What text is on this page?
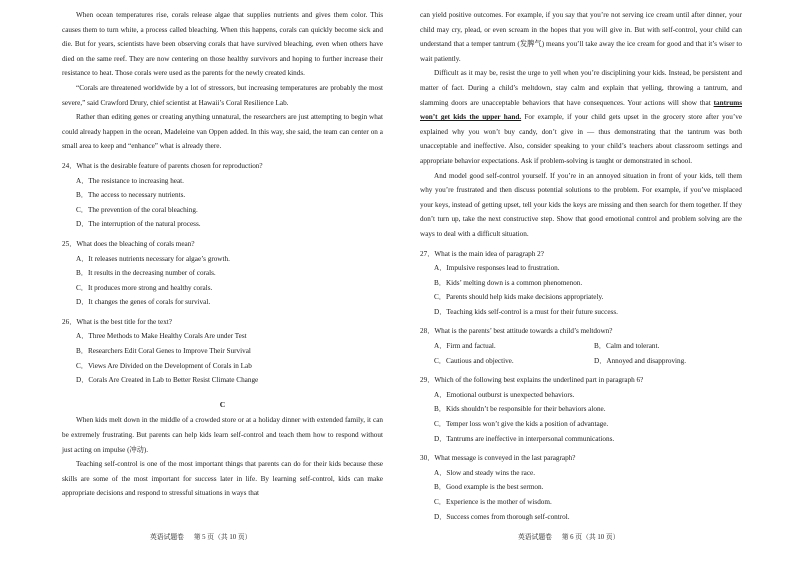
When ocean temperatures rise, corals release algae that supplies nutrients and gives them color. This causes them to turn white, a process called bleaching. When this happens, corals can quickly become sick and die. But for years, scientists have been observing corals that have survived bleaching, even when others have died on the same reef. They are now centering on those healthy survivors and hoping to further increase their resistance to heat. Those corals were used as the parents for the newly created kinds.

“Corals are threatened worldwide by a lot of stressors, but increasing temperatures are probably the most severe,” said Crawford Drury, chief scientist at Hawaii’s Coral Resilience Lab.

Rather than editing genes or creating anything unnatural, the researchers are just attempting to begin what could already happen in the ocean, Madeleine van Oppen added. In this way, she said, the team can center on a small area to keep and “enhance” what is already there.

24．What is the desirable feature of parents chosen for reproduction?
A．The resistance to increasing heat.
B．The access to necessary nutrients.
C．The prevention of the coral bleaching.
D．The interruption of the natural process.
25．What does the bleaching of corals mean?
A．It releases nutrients necessary for algae’s growth.
B．It results in the decreasing number of corals.
C．It produces more strong and healthy corals.
D．It changes the genes of corals for survival.
26．What is the best title for the text?
A．Three Methods to Make Healthy Corals Are under Test
B．Researchers Edit Coral Genes to Improve Their Survival
C．Views Are Divided on the Development of Corals in Lab
D．Corals Are Created in Lab to Better Resist Climate Change
C

When kids melt down in the middle of a crowded store or at a holiday dinner with extended family, it can be extremely frustrating. But parents can help kids learn self-control and teach them how to respond without just acting on impulse (冲动).

Teaching self-control is one of the most important things that parents can do for their kids because these skills are some of the most important for success later in life. By learning self-control, kids can make appropriate decisions and respond to stressful situations in ways that

英语试题卷 第 5 页（共 10 页）

can yield positive outcomes. For example, if you say that you’re not serving ice cream until after dinner, your child may cry, plead, or even scream in the hopes that you will give in. But with self-control, your child can understand that a temper tantrum (发脾气) means you’ll take away the ice cream for good and that it’s wiser to wait patiently.

Difficult as it may be, resist the urge to yell when you’re disciplining your kids. Instead, be persistent and matter of fact. During a child’s meltdown, stay calm and explain that yelling, throwing a tantrum, and slamming doors are unacceptable behaviors that have consequences. Your actions will show that tantrums won’t get kids the upper hand. For example, if your child gets upset in the grocery store after you’ve explained why you won’t buy candy, don’t give in — thus demonstrating that the tantrum was both unacceptable and ineffective. Also, consider speaking to your child’s teachers about classroom settings and appropriate behavior expectations. Ask if problem-solving is taught or demonstrated in school.

And model good self-control yourself. If you’re in an annoyed situation in front of your kids, tell them why you’re frustrated and then discuss potential solutions to the problem. For example, if you’ve misplaced your keys, instead of getting upset, tell your kids the keys are missing and then search for them together. If they don’t turn up, take the next constructive step. Show that good emotional control and problem solving are the ways to deal with a difficult situation.

27．What is the main idea of paragraph 2?
A．Impulsive responses lead to frustration.
B．Kids’ melting down is a common phenomenon.
C．Parents should help kids make decisions appropriately.
D．Teaching kids self-control is a must for their future success.
28．What is the parents’ best attitude towards a child’s meltdown?
A．Firm and factual.	B．Calm and tolerant.
C．Cautious and objective.	D．Annoyed and disapproving.
29．Which of the following best explains the underlined part in paragraph 6?
A．Emotional outburst is unexpected behaviors.
B．Kids shouldn’t be responsible for their behaviors alone.
C．Temper loss won’t give the kids a position of advantage.
D．Tantrums are ineffective in interpersonal communications.
30．What message is conveyed in the last paragraph?
A．Slow and steady wins the race.
B．Good example is the best sermon.
C．Experience is the mother of wisdom.
D．Success comes from thorough self-control.
英语试题卷 第 6 页（共 10 页）
